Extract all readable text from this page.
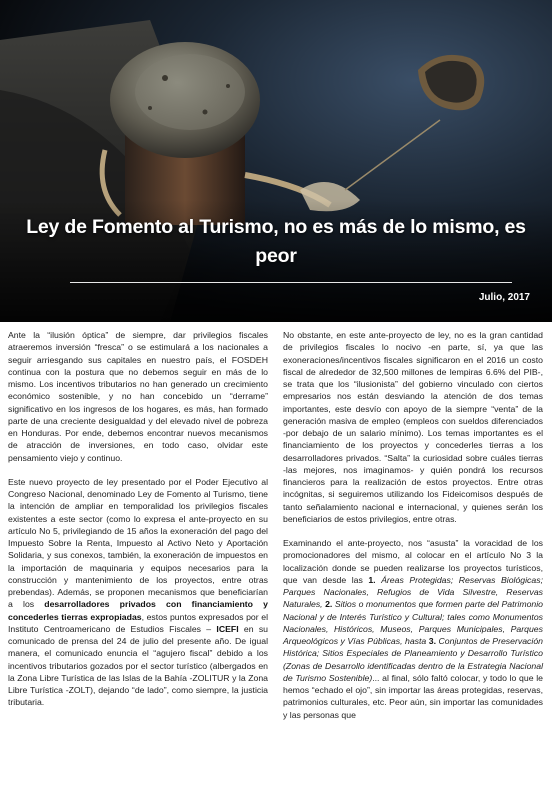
Ley de Fomento al Turismo, no es más de lo mismo, es peor
Julio, 2017

Ante la “ilusión óptica” de siempre, dar privilegios fiscales atraeremos inversión “fresca” o se estimulará a los nacionales a seguir arriesgando sus capitales en nuestro país, el FOSDEH continua con la postura que no debemos seguir en más de lo mismo. Los incentivos tributarios no han generado un crecimiento económico sostenible, y no han concebido un “derrame” significativo en los ingresos de los hogares, es más, han formado parte de una creciente desigualdad y del elevado nivel de pobreza en Honduras. Por ende, debemos encontrar nuevos mecanismos de atracción de inversiones, en todo caso, olvidar este pensamiento viejo y continuo.

Este nuevo proyecto de ley presentado por el Poder Ejecutivo al Congreso Nacional, denominado Ley de Fomento al Turismo, tiene la intención de ampliar en temporalidad los privilegios fiscales existentes a este sector (como lo expresa el ante-proyecto en su artículo No 5, privilegiando de 15 años la exoneración del pago del Impuesto Sobre la Renta, Impuesto al Activo Neto y Aportación Solidaria, y sus conexos, también, la exoneración de impuestos en la importación de maquinaria y equipos necesarios para la construcción y mantenimiento de los proyectos, entre otras prebendas). Además, se proponen mecanismos que beneficiarían a los desarrolladores privados con financiamiento y concederles tierras expropiadas, estos puntos expresados por el Instituto Centroamericano de Estudios Fiscales – ICEFI en su comunicado de prensa del 24 de julio del presente año. De igual manera, el comunicado enuncia el “agujero fiscal” debido a los incentivos tributarios gozados por el sector turístico (albergados en la Zona Libre Turística de las Islas de la Bahía -ZOLITUR y la Zona Libre Turística -ZOLT), dejando “de lado”, como siempre, la justicia tributaria.

No obstante, en este ante-proyecto de ley, no es la gran cantidad de privilegios fiscales lo nocivo -en parte, sí, ya que las exoneraciones/incentivos fiscales significaron en el 2016 un costo fiscal de alrededor de 32,500 millones de lempiras 6.6% del PIB-, se trata que los “ilusionista” del gobierno vinculado con ciertos empresarios nos están desviando la atención de dos temas importantes, este desvío con apoyo de la siempre “venta” de la generación masiva de empleo (empleos con sueldos diferenciados -por debajo de un salario mínimo). Los temas importantes es el financiamiento de los proyectos y concederles tierras a los desarrolladores privados. “Salta” la curiosidad sobre cuáles tierras -las mejores, nos imaginamos- y quién pondrá los recursos financieros para la realización de estos proyectos. Entre otras incógnitas, si seguiremos utilizando los Fideicomisos después de tanto señalamiento nacional e internacional, y quienes serán los beneficiarios de estos privilegios, entre otras.

Examinando el ante-proyecto, nos “asusta” la voracidad de los promocionadores del mismo, al colocar en el artículo No 3 la localización donde se pueden realizarse los proyectos turísticos, que van desde las 1. Áreas Protegidas; Reservas Biológicas; Parques Nacionales, Refugios de Vida Silvestre, Reservas Naturales, 2. Sitios o monumentos que formen parte del Patrimonio Nacional y de Interés Turístico y Cultural; tales como Monumentos Nacionales, Históricos, Museos, Parques Municipales, Parques Arqueológicos y Vías Públicas, hasta 3. Conjuntos de Preservación Histórica; Sitios Especiales de Planeamiento y Desarrollo Turístico (Zonas de Desarrollo identificadas dentro de la Estrategia Nacional de Turismo Sostenible)... al final, sólo faltó colocar, y todo lo que le hemos “echado el ojo”, sin importar las áreas protegidas, reservas, patrimonios culturales, etc. Peor aún, sin importar las comunidades y las personas que
